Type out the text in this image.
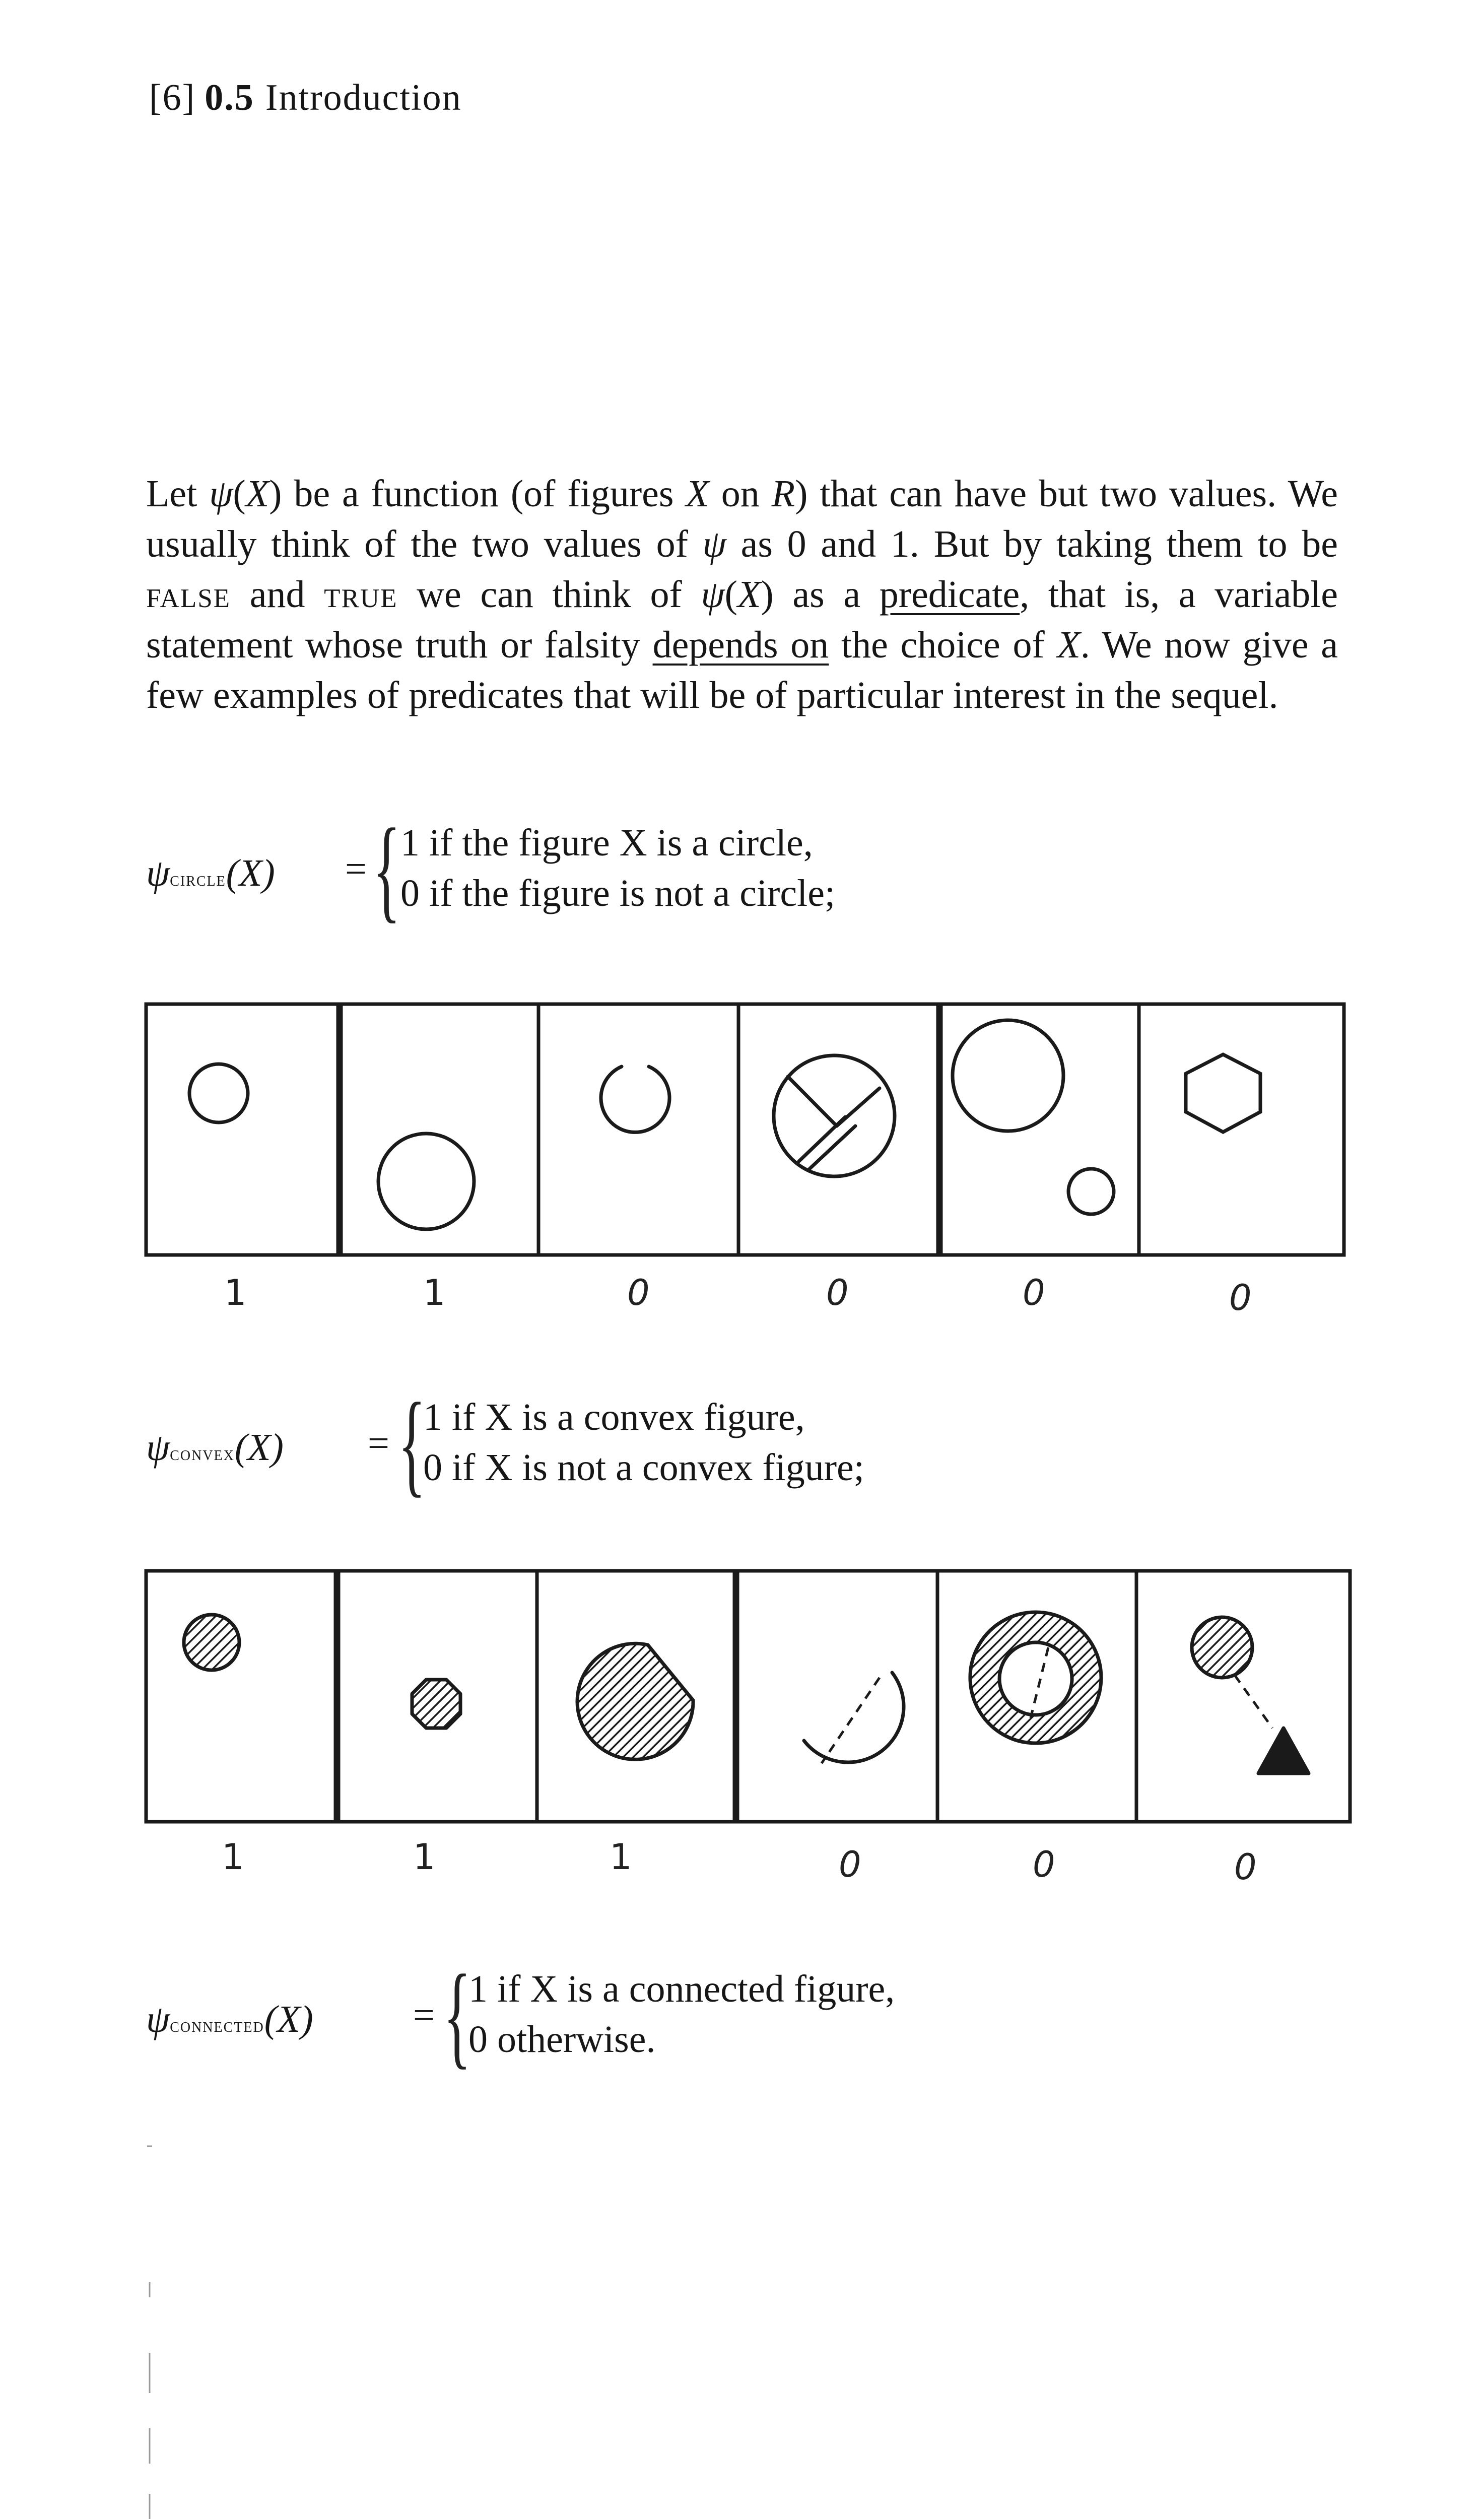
[6] 0.5 Introduction

Let ψ(X) be a function (of figures X on R) that can have but two values. We usually think of the two values of ψ as 0 and 1. But by taking them to be false and true we can think of ψ(X) as a predicate, that is, a variable statement whose truth or falsity depends on the choice of X. We now give a few examples of predicates that will be of particular interest in the sequel.

ψcircle(X) = { 1 if the figure X is a circle,
0 if the figure is not a circle;
1	1	0	0	0	0
ψconvex(X) = {
1 if X is a convex figure,
0 if X is not a convex figure;
1	1	1	0	0	0
ψconnected(X)	= {
1 if X is a connected figure,
0 otherwise.
